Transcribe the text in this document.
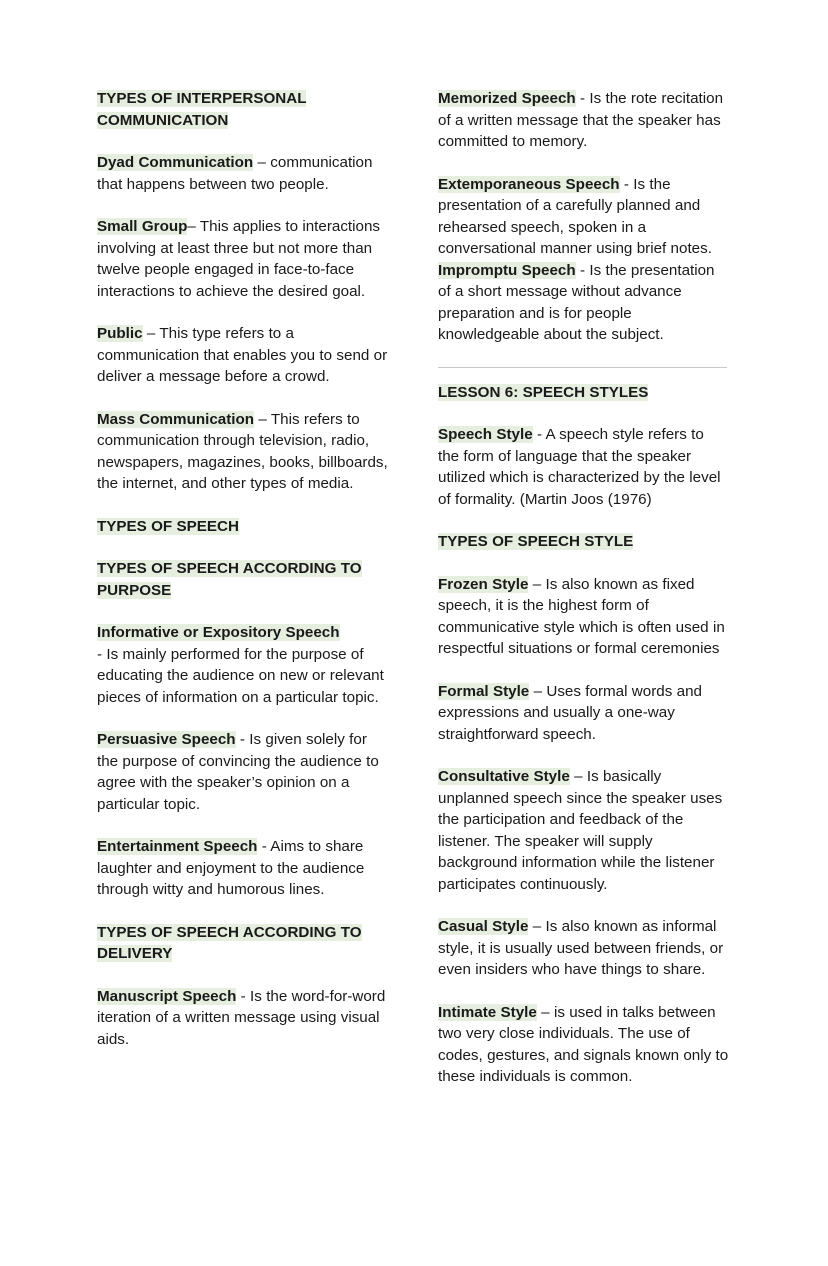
TYPES OF INTERPERSONAL COMMUNICATION

Dyad Communication – communication that happens between two people.

Small Group– This applies to interactions involving at least three but not more than twelve people engaged in face-to-face interactions to achieve the desired goal.

Public – This type refers to a communication that enables you to send or deliver a message before a crowd.

Mass Communication – This refers to communication through television, radio, newspapers, magazines, books, billboards, the internet, and other types of media.

TYPES OF SPEECH
TYPES OF SPEECH ACCORDING TO PURPOSE

Informative or Expository Speech
- Is mainly performed for the purpose of educating the audience on new or relevant pieces of information on a particular topic.

Persuasive Speech - Is given solely for the purpose of convincing the audience to agree with the speaker’s opinion on a particular topic.

Entertainment Speech - Aims to share laughter and enjoyment to the audience through witty and humorous lines.

TYPES OF SPEECH ACCORDING TO DELIVERY

Manuscript Speech - Is the word-for-word iteration of a written message using visual aids.

Memorized Speech - Is the rote recitation of a written message that the speaker has committed to memory.

Extemporaneous Speech - Is the presentation of a carefully planned and rehearsed speech, spoken in a conversational manner using brief notes.

Impromptu Speech - Is the presentation of a short message without advance preparation and is for people knowledgeable about the subject.

LESSON 6: SPEECH STYLES

Speech Style - A speech style refers to the form of language that the speaker utilized which is characterized by the level of formality. (Martin Joos (1976)

TYPES OF SPEECH STYLE

Frozen Style – Is also known as fixed speech, it is the highest form of communicative style which is often used in respectful situations or formal ceremonies

Formal Style – Uses formal words and expressions and usually a one-way straightforward speech.

Consultative Style – Is basically unplanned speech since the speaker uses the participation and feedback of the listener. The speaker will supply background information while the listener participates continuously.

Casual Style – Is also known as informal style, it is usually used between friends, or even insiders who have things to share.

Intimate Style – is used in talks between two very close individuals. The use of codes, gestures, and signals known only to these individuals is common.
